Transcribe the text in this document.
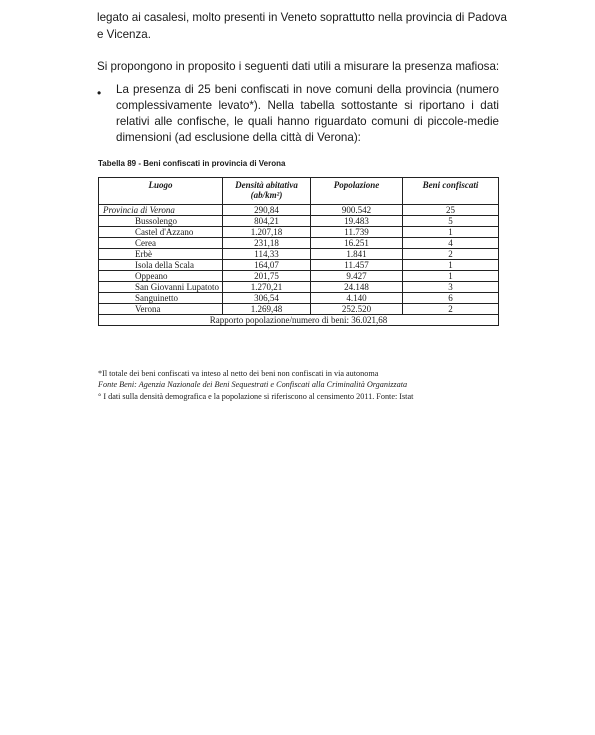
legato ai casalesi, molto presenti in Veneto soprattutto nella provincia di Padova e Vicenza.

Si propongono in proposito i seguenti dati utili a misurare la presenza mafiosa:

• La presenza di 25 beni confiscati in nove comuni della provincia (numero complessivamente levato*). Nella tabella sottostante si riportano i dati relativi alle confische, le quali hanno riguardato comuni di piccole-medie dimensioni (ad esclusione della città di Verona):

Tabella 89 - Beni confiscati in provincia di Verona
Luogo	Densità abitativa (ab/km²)	Popolazione	Beni confiscati
Provincia di Verona	290,84	900.542	25
Bussolengo	804,21	19.483	5
Castel d'Azzano	1.207,18	11.739	1
Cerea	231,18	16.251	4
Erbè	114,33	1.841	2
Isola della Scala	164,07	11.457	1
Oppeano	201,75	9.427	1
San Giovanni Lupatoto	1.270,21	24.148	3
Sanguinetto	306,54	4.140	6
Verona	1.269,48	252.520	2
Rapporto popolazione/numero di beni: 36.021,68			

*Il totale dei beni confiscati va inteso al netto dei beni non confiscati in via autonoma

Fonte Beni: Agenzia Nazionale dei Beni Sequestrati e Confiscati alla Criminalità Organizzata

° I dati sulla densità demografica e la popolazione si riferiscono al censimento 2011. Fonte: Istat
